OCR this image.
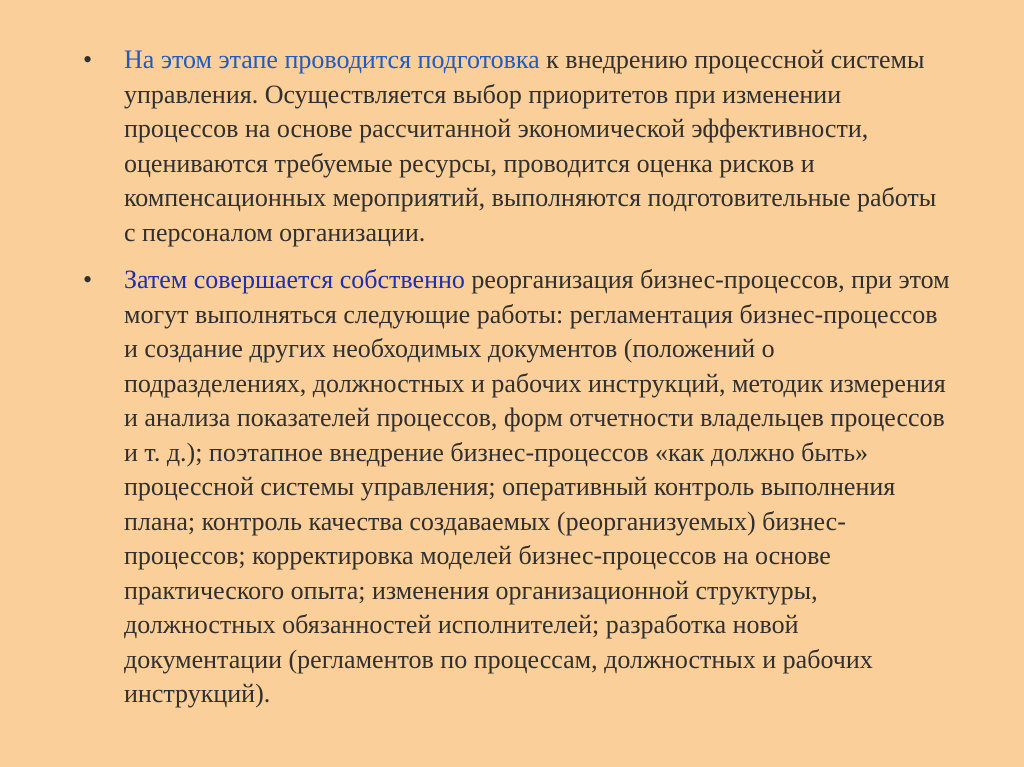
• На этом этапе проводится подготовка к внедрению процессной системы управления. Осуществляется выбор приоритетов при изменении процессов на основе рассчитанной экономической эффективности, оцениваются требуемые ресурсы, проводится оценка рисков и компенсационных мероприятий, выполняются подготовительные работы с персоналом организации.
• Затем совершается собственно реорганизация бизнес-процессов, при этом могут выполняться следующие работы: регламентация бизнес-процессов и создание других необходимых документов (положений о подразделениях, должностных и рабочих инструкций, методик измерения и анализа показателей процессов, форм отчетности владельцев процессов и т. д.); поэтапное внедрение бизнес-процессов «как должно быть» процессной системы управления; оперативный контроль выполнения плана; контроль качества создаваемых (реорганизуемых) бизнес-процессов; корректировка моделей бизнес-процессов на основе практического опыта; изменения организационной структуры, должностных обязанностей исполнителей; разработка новой документации (регламентов по процессам, должностных и рабочих инструкций).
